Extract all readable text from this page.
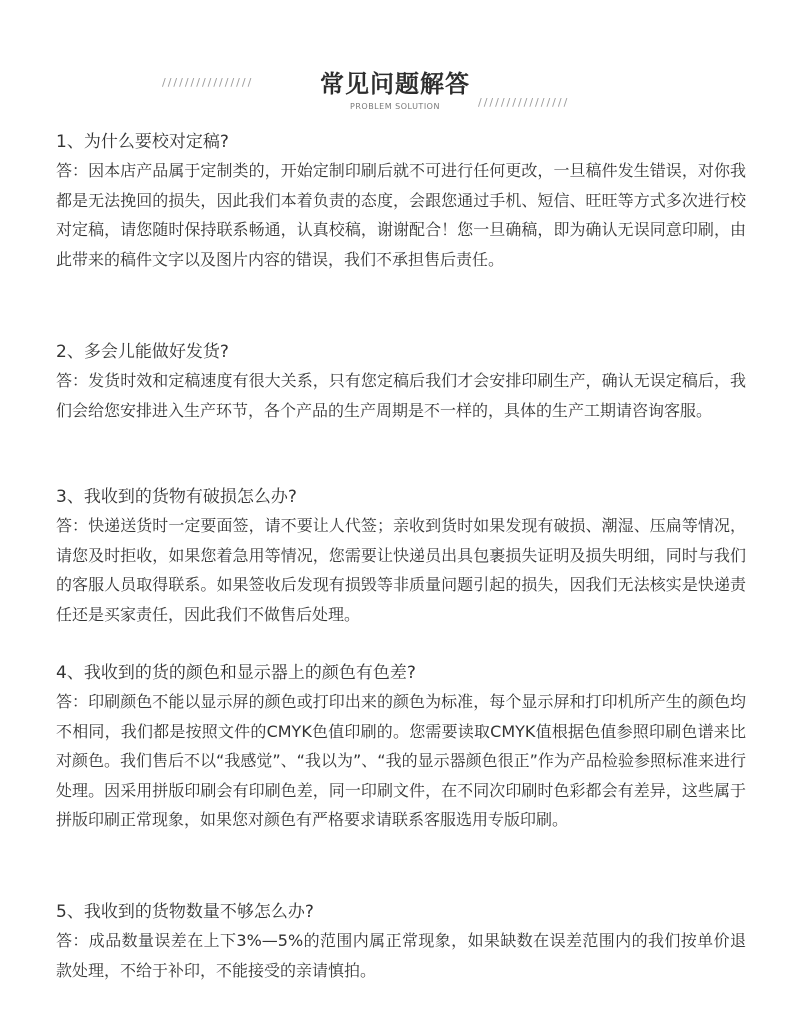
////////////////	常见问题解答
PROBLEM SOLUTION	////////////////

1、为什么要校对定稿?

答：因本店产品属于定制类的，开始定制印刷后就不可进行任何更改，一旦稿件发生错误，对你我都是无法挽回的损失，因此我们本着负责的态度，会跟您通过手机、短信、旺旺等方式多次进行校对定稿，请您随时保持联系畅通，认真校稿，谢谢配合！您一旦确稿，即为确认无误同意印刷，由此带来的稿件文字以及图片内容的错误，我们不承担售后责任。

2、多会儿能做好发货?

答：发货时效和定稿速度有很大关系，只有您定稿后我们才会安排印刷生产，确认无误定稿后，我们会给您安排进入生产环节，各个产品的生产周期是不一样的，具体的生产工期请咨询客服。

3、我收到的货物有破损怎么办?

答：快递送货时一定要面签，请不要让人代签；亲收到货时如果发现有破损、潮湿、压扁等情况，请您及时拒收，如果您着急用等情况，您需要让快递员出具包裹损失证明及损失明细，同时与我们的客服人员取得联系。如果签收后发现有损毁等非质量问题引起的损失，因我们无法核实是快递责任还是买家责任，因此我们不做售后处理。

4、我收到的货的颜色和显示器上的颜色有色差?

答：印刷颜色不能以显示屏的颜色或打印出来的颜色为标准，每个显示屏和打印机所产生的颜色均不相同，我们都是按照文件的CMYK色值印刷的。您需要读取CMYK值根据色值参照印刷色谱来比对颜色。我们售后不以“我感觉”、“我以为”、“我的显示器颜色很正”作为产品检验参照标准来进行处理。因采用拼版印刷会有印刷色差，同一印刷文件，在不同次印刷时色彩都会有差异，这些属于拼版印刷正常现象，如果您对颜色有严格要求请联系客服选用专版印刷。

5、我收到的货物数量不够怎么办?

答：成品数量误差在上下3%—5%的范围内属正常现象，如果缺数在误差范围内的我们按单价退款处理，不给于补印，不能接受的亲请慎拍。
